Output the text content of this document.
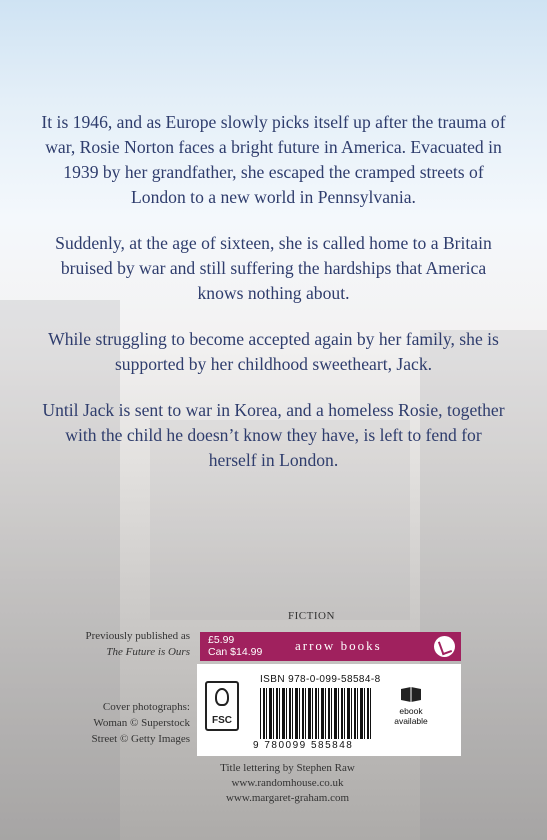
It is 1946, and as Europe slowly picks itself up after the trauma of war, Rosie Norton faces a bright future in America. Evacuated in 1939 by her grandfather, she escaped the cramped streets of London to a new world in Pennsylvania.

Suddenly, at the age of sixteen, she is called home to a Britain bruised by war and still suffering the hardships that America knows nothing about.

While struggling to become accepted again by her family, she is supported by her childhood sweetheart, Jack.

Until Jack is sent to war in Korea, and a homeless Rosie, together with the child he doesn’t know they have, is left to fend for herself in London.

FICTION
Previously published as
The Future is Ours
Cover photographs:
Woman © Superstock
Street © Getty Images
£5.99
Can $14.99	arrow books
FSC
ISBN 978-0-099-58584-8
9 780099 585848
ebook
available
Title lettering by Stephen Raw
www.randomhouse.co.uk
www.margaret-graham.com
